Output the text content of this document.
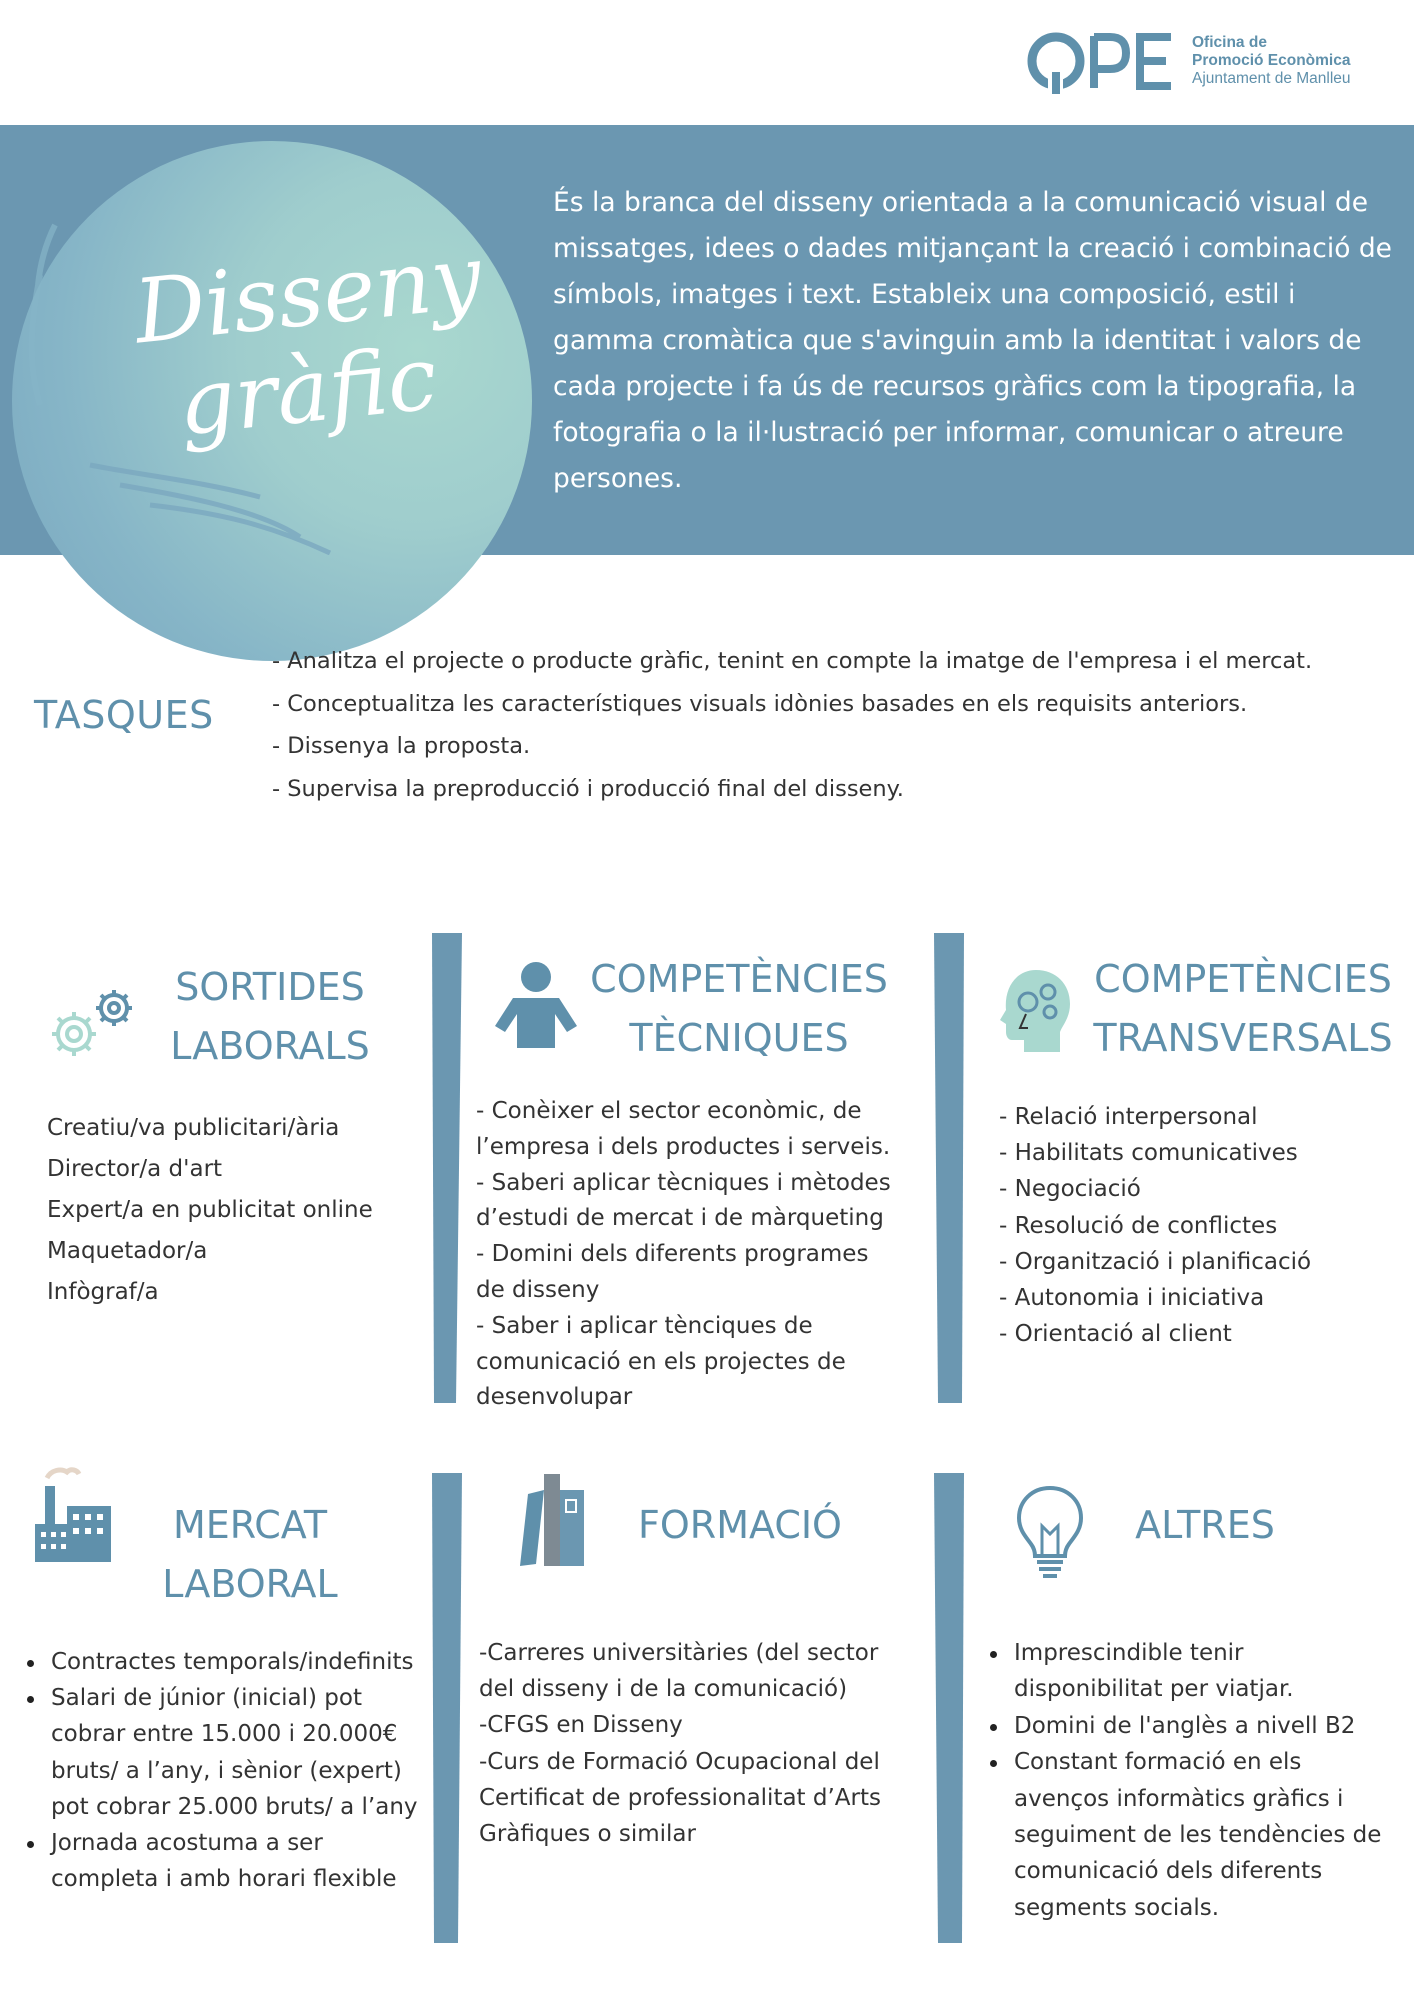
Oficina de
Promoció Econòmica
Ajuntament de Manlleu
Disseny
gràfic

És la branca del disseny orientada a la comunicació visual de missatges, idees o dades mitjançant la creació i combinació de símbols, imatges i text. Estableix una composició, estil i gamma cromàtica que s'avinguin amb la identitat i valors de cada projecte i fa ús de recursos gràfics com la tipografia, la fotografia o la il·lustració per informar, comunicar o atreure persones.

TASQUES
- Analitza el projecte o producte gràfic, tenint en compte la imatge de l'empresa i el mercat.
- Conceptualitza les característiques visuals idònies basades en els requisits anteriors.
- Dissenya la proposta.
- Supervisa la preproducció i producció final del disseny.
SORTIDES
LABORALS
Creatiu/va publicitari/ària
Director/a d'art
Expert/a en publicitat online
Maquetador/a
Infògraf/a
COMPETÈNCIES
TÈCNIQUES
- Conèixer el sector econòmic, de
l’empresa i dels productes i serveis.
- Saberi aplicar tècniques i mètodes
d’estudi de mercat i de màrqueting
- Domini dels diferents programes
de disseny
- Saber i aplicar tènciques de
comunicació en els projectes de
desenvolupar
COMPETÈNCIES
TRANSVERSALS
- Relació interpersonal
- Habilitats comunicatives
- Negociació
- Resolució de conflictes
- Organització i planificació
- Autonomia i iniciativa
- Orientació al client
MERCAT
LABORAL
Contractes temporals/indefinits
Salari de júnior (inicial) pot
cobrar entre 15.000 i 20.000€
bruts/ a l’any, i sènior (expert)
pot cobrar 25.000 bruts/ a l’any
Jornada acostuma a ser
completa i amb horari flexible
FORMACIÓ
-Carreres universitàries (del sector
del disseny i de la comunicació)
-CFGS en Disseny
-Curs de Formació Ocupacional del
Certificat de professionalitat d’Arts
Gràfiques o similar
ALTRES
Imprescindible tenir
disponibilitat per viatjar.
Domini de l'anglès a nivell B2
Constant formació en els
avenços informàtics gràfics i
seguiment de les tendències de
comunicació dels diferents
segments socials.
